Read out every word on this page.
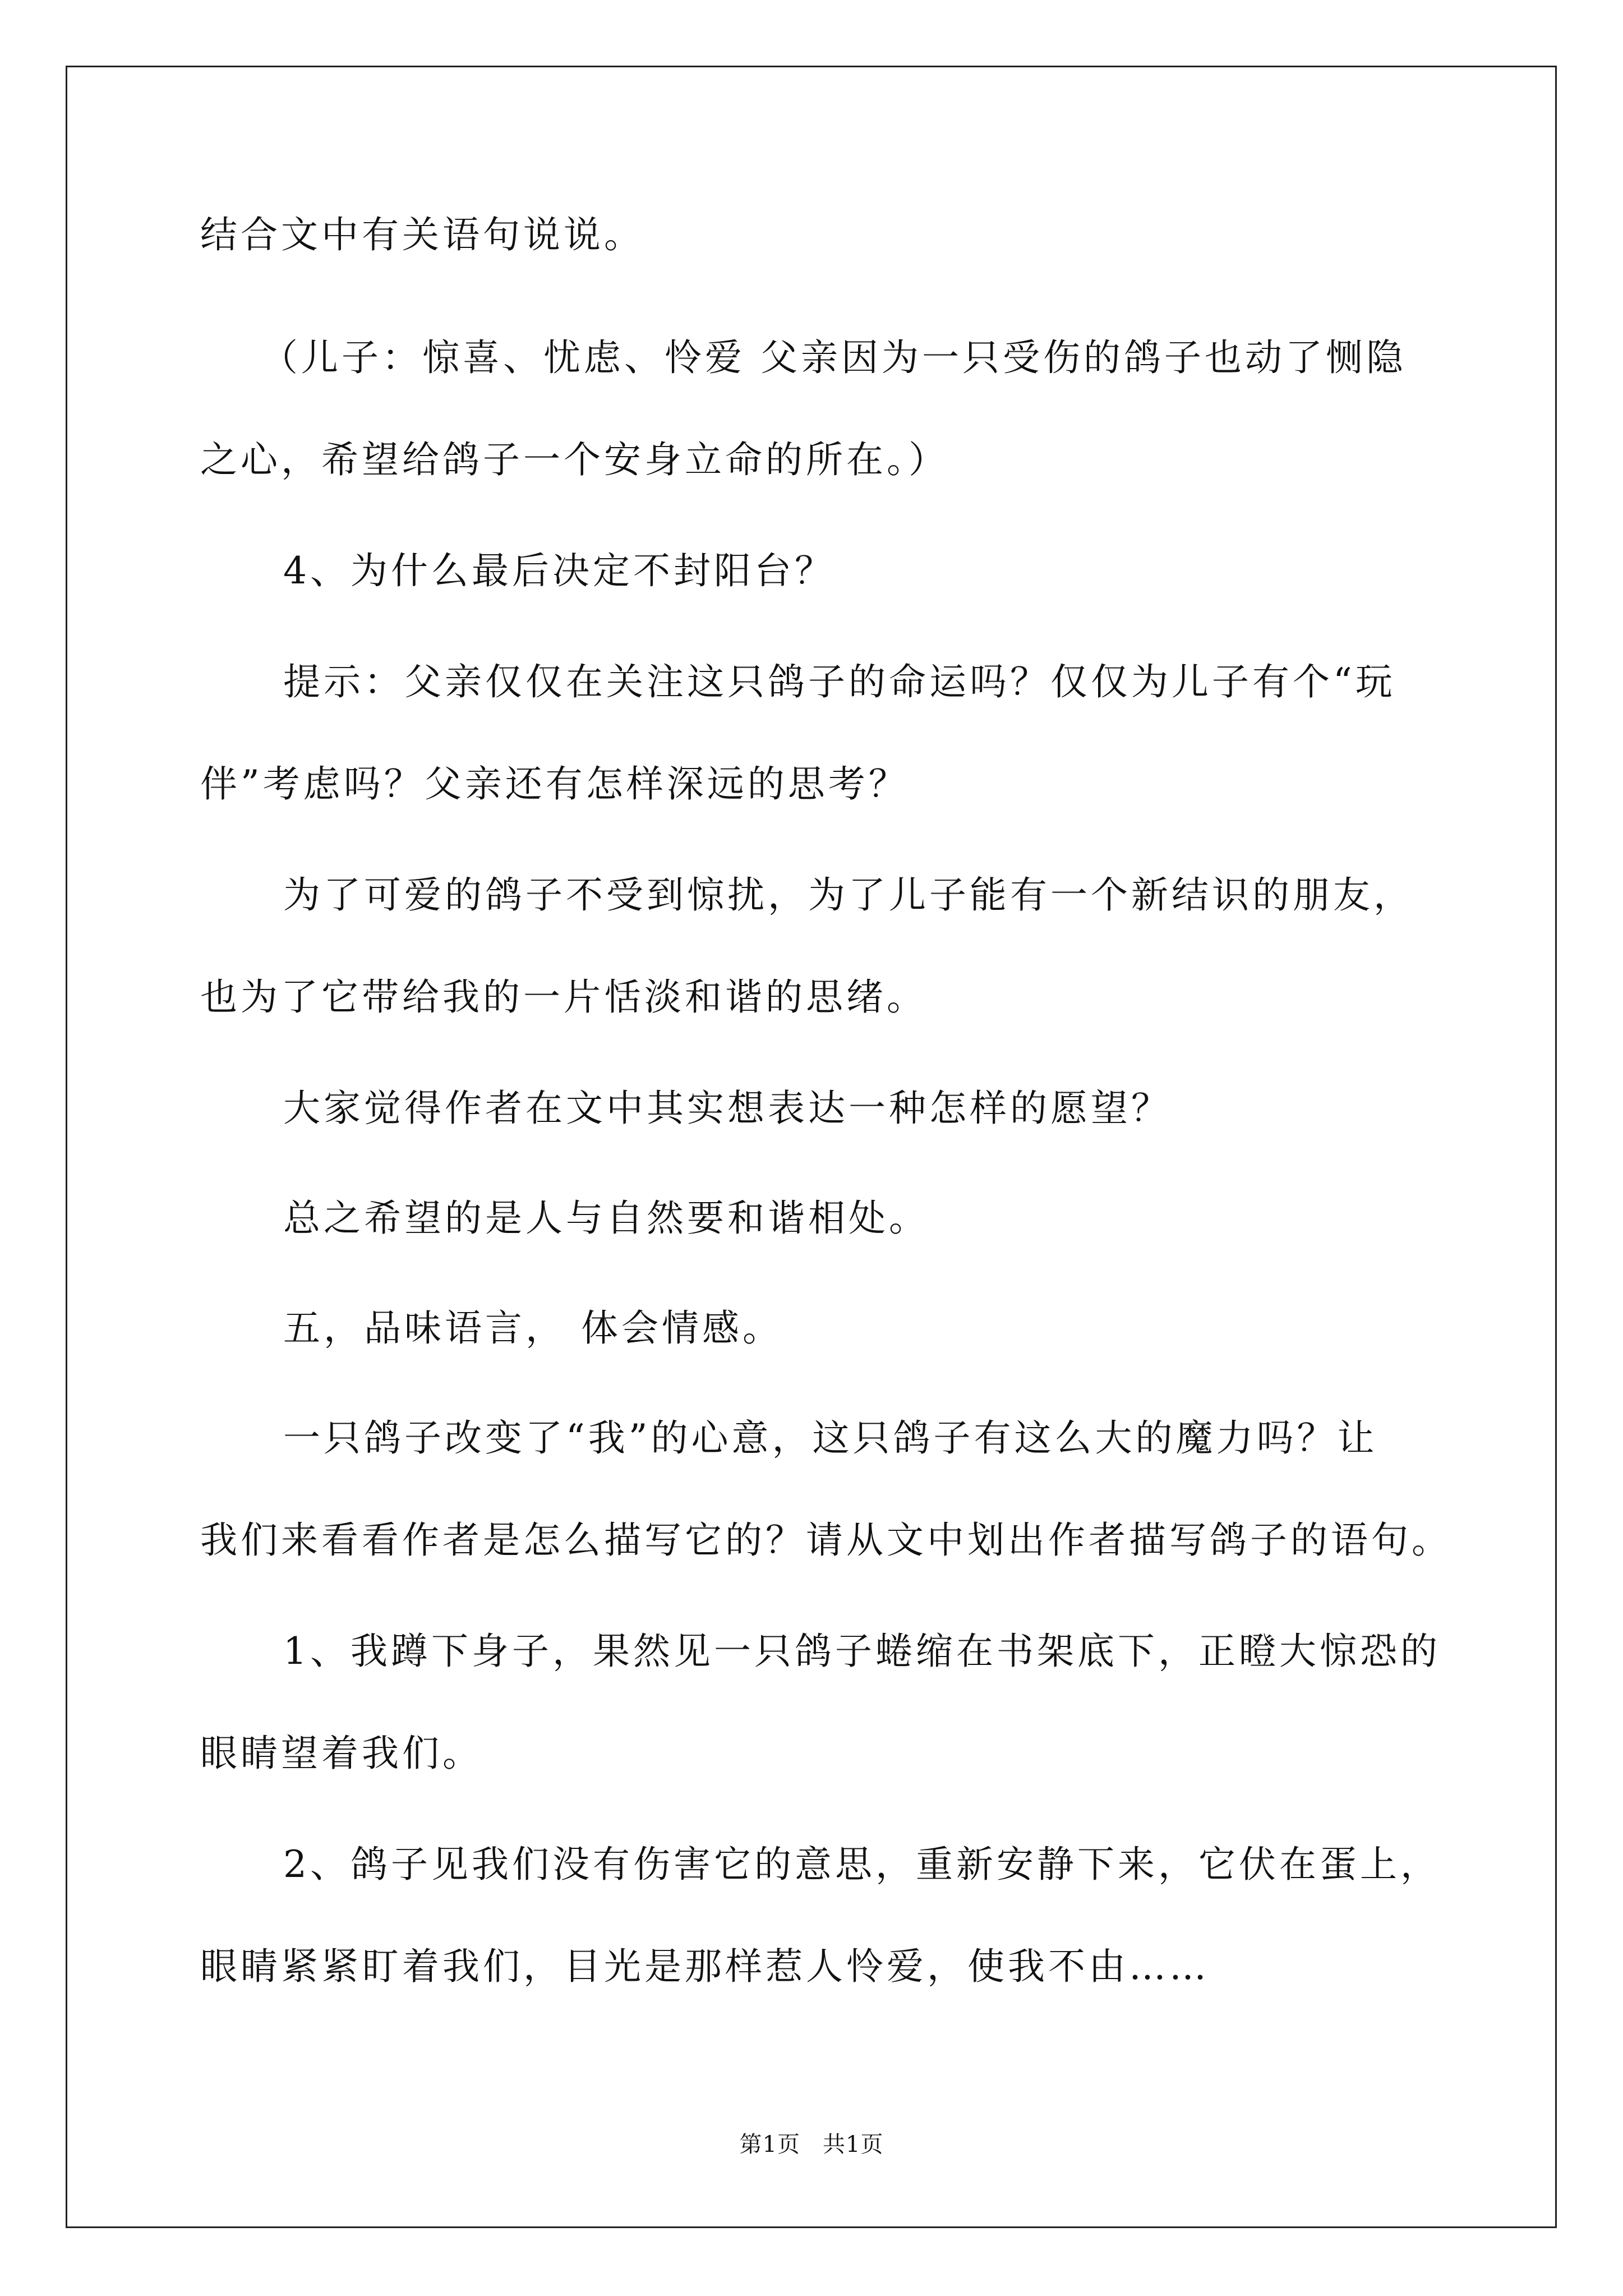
结合文中有关语句说说。
（儿子：惊喜、忧虑、怜爱 父亲因为一只受伤的鸽子也动了恻隐
之心，希望给鸽子一个安身立命的所在。）
4、为什么最后决定不封阳台？
提示：父亲仅仅在关注这只鸽子的命运吗？仅仅为儿子有个“玩
伴”考虑吗？父亲还有怎样深远的思考？
为了可爱的鸽子不受到惊扰，为了儿子能有一个新结识的朋友，
也为了它带给我的一片恬淡和谐的思绪。
大家觉得作者在文中其实想表达一种怎样的愿望？
总之希望的是人与自然要和谐相处。
五，品味语言， 体会情感。
一只鸽子改变了“我”的心意，这只鸽子有这么大的魔力吗？让
我们来看看作者是怎么描写它的？请从文中划出作者描写鸽子的语句。
1、我蹲下身子，果然见一只鸽子蜷缩在书架底下，正瞪大惊恐的
眼睛望着我们。
2、鸽子见我们没有伤害它的意思，重新安静下来，它伏在蛋上，
眼睛紧紧盯着我们，目光是那样惹人怜爱，使我不由……
第1页 共1页
